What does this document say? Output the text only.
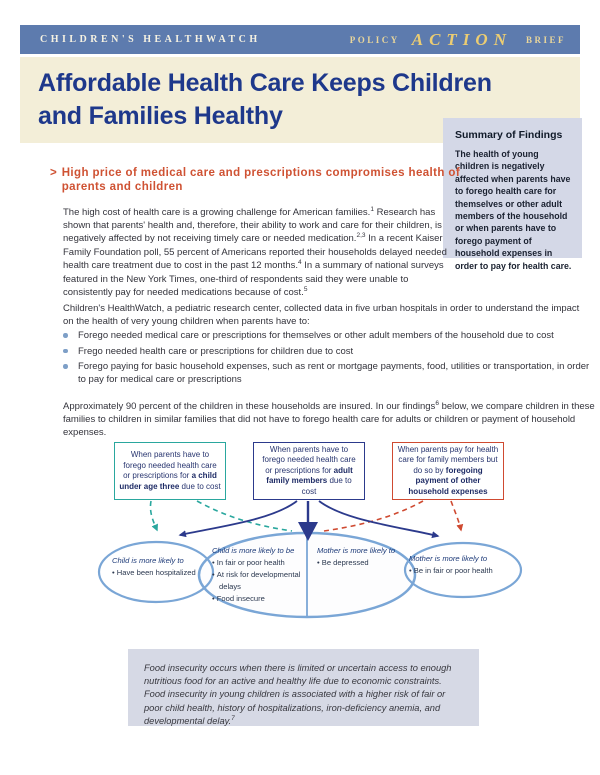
CHILDREN'S HEALTHWATCH	POLICY ACTION BRIEF
Affordable Health Care Keeps Children
and Families Healthy
Summary of Findings
The health of young children is negatively affected when parents have to forego health care for themselves or other adult members of the household or when parents have to forego payment of household expenses in order to pay for health care.
> High price of medical care and prescriptions compromises health of parents and children

The high cost of health care is a growing challenge for American families.$^1$ Research has shown that parents' health and, therefore, their ability to work and care for their children, is negatively affected by not receiving timely care or needed medication.$^{2,3}$ In a recent Kaiser Family Foundation poll, 55 percent of Americans reported their households delayed needed health care treatment due to cost in the past 12 months.$^4$ In a summary of national surveys featured in the New York Times, one-third of respondents said they were unable to consistently pay for needed medications because of cost.$^5$

Children's HealthWatch, a pediatric research center, collected data in five urban hospitals in order to understand the impact on the health of very young children when parents have to:

Forego needed medical care or prescriptions for themselves or other adult members of the household due to cost
Frego needed health care or prescriptions for children due to cost
Forego paying for basic household expenses, such as rent or mortgage payments, food, utilities or transportation, in order to pay for medical care or prescriptions

Approximately 90 percent of the children in these households are insured. In our findings$^6$ below, we compare children in these families to children in similar families that did not have to forego health care for adults or children or payment of household expenses.

When parents have to forego needed health care or prescriptions for a child under age three due to cost
When parents have to forego needed health care or prescriptions for adult family members due to cost
When parents pay for health care for family members but do so by foregoing payment of other household expenses
Child is more likely to
• Have been hospitalized
Child is more likely to be
• In fair or poor health
• At risk for developmental delays
• Food insecure
Mother is more likely to
• Be depressed	Mother is more likely to
• Be in fair or poor health
Food insecurity occurs when there is limited or uncertain access to enough nutritious food for an active and healthy life due to economic constraints. Food insecurity in young children is associated with a higher risk of fair or poor child health, history of hospitalizations, iron-deficiency anemia, and developmental delay.$^7$
